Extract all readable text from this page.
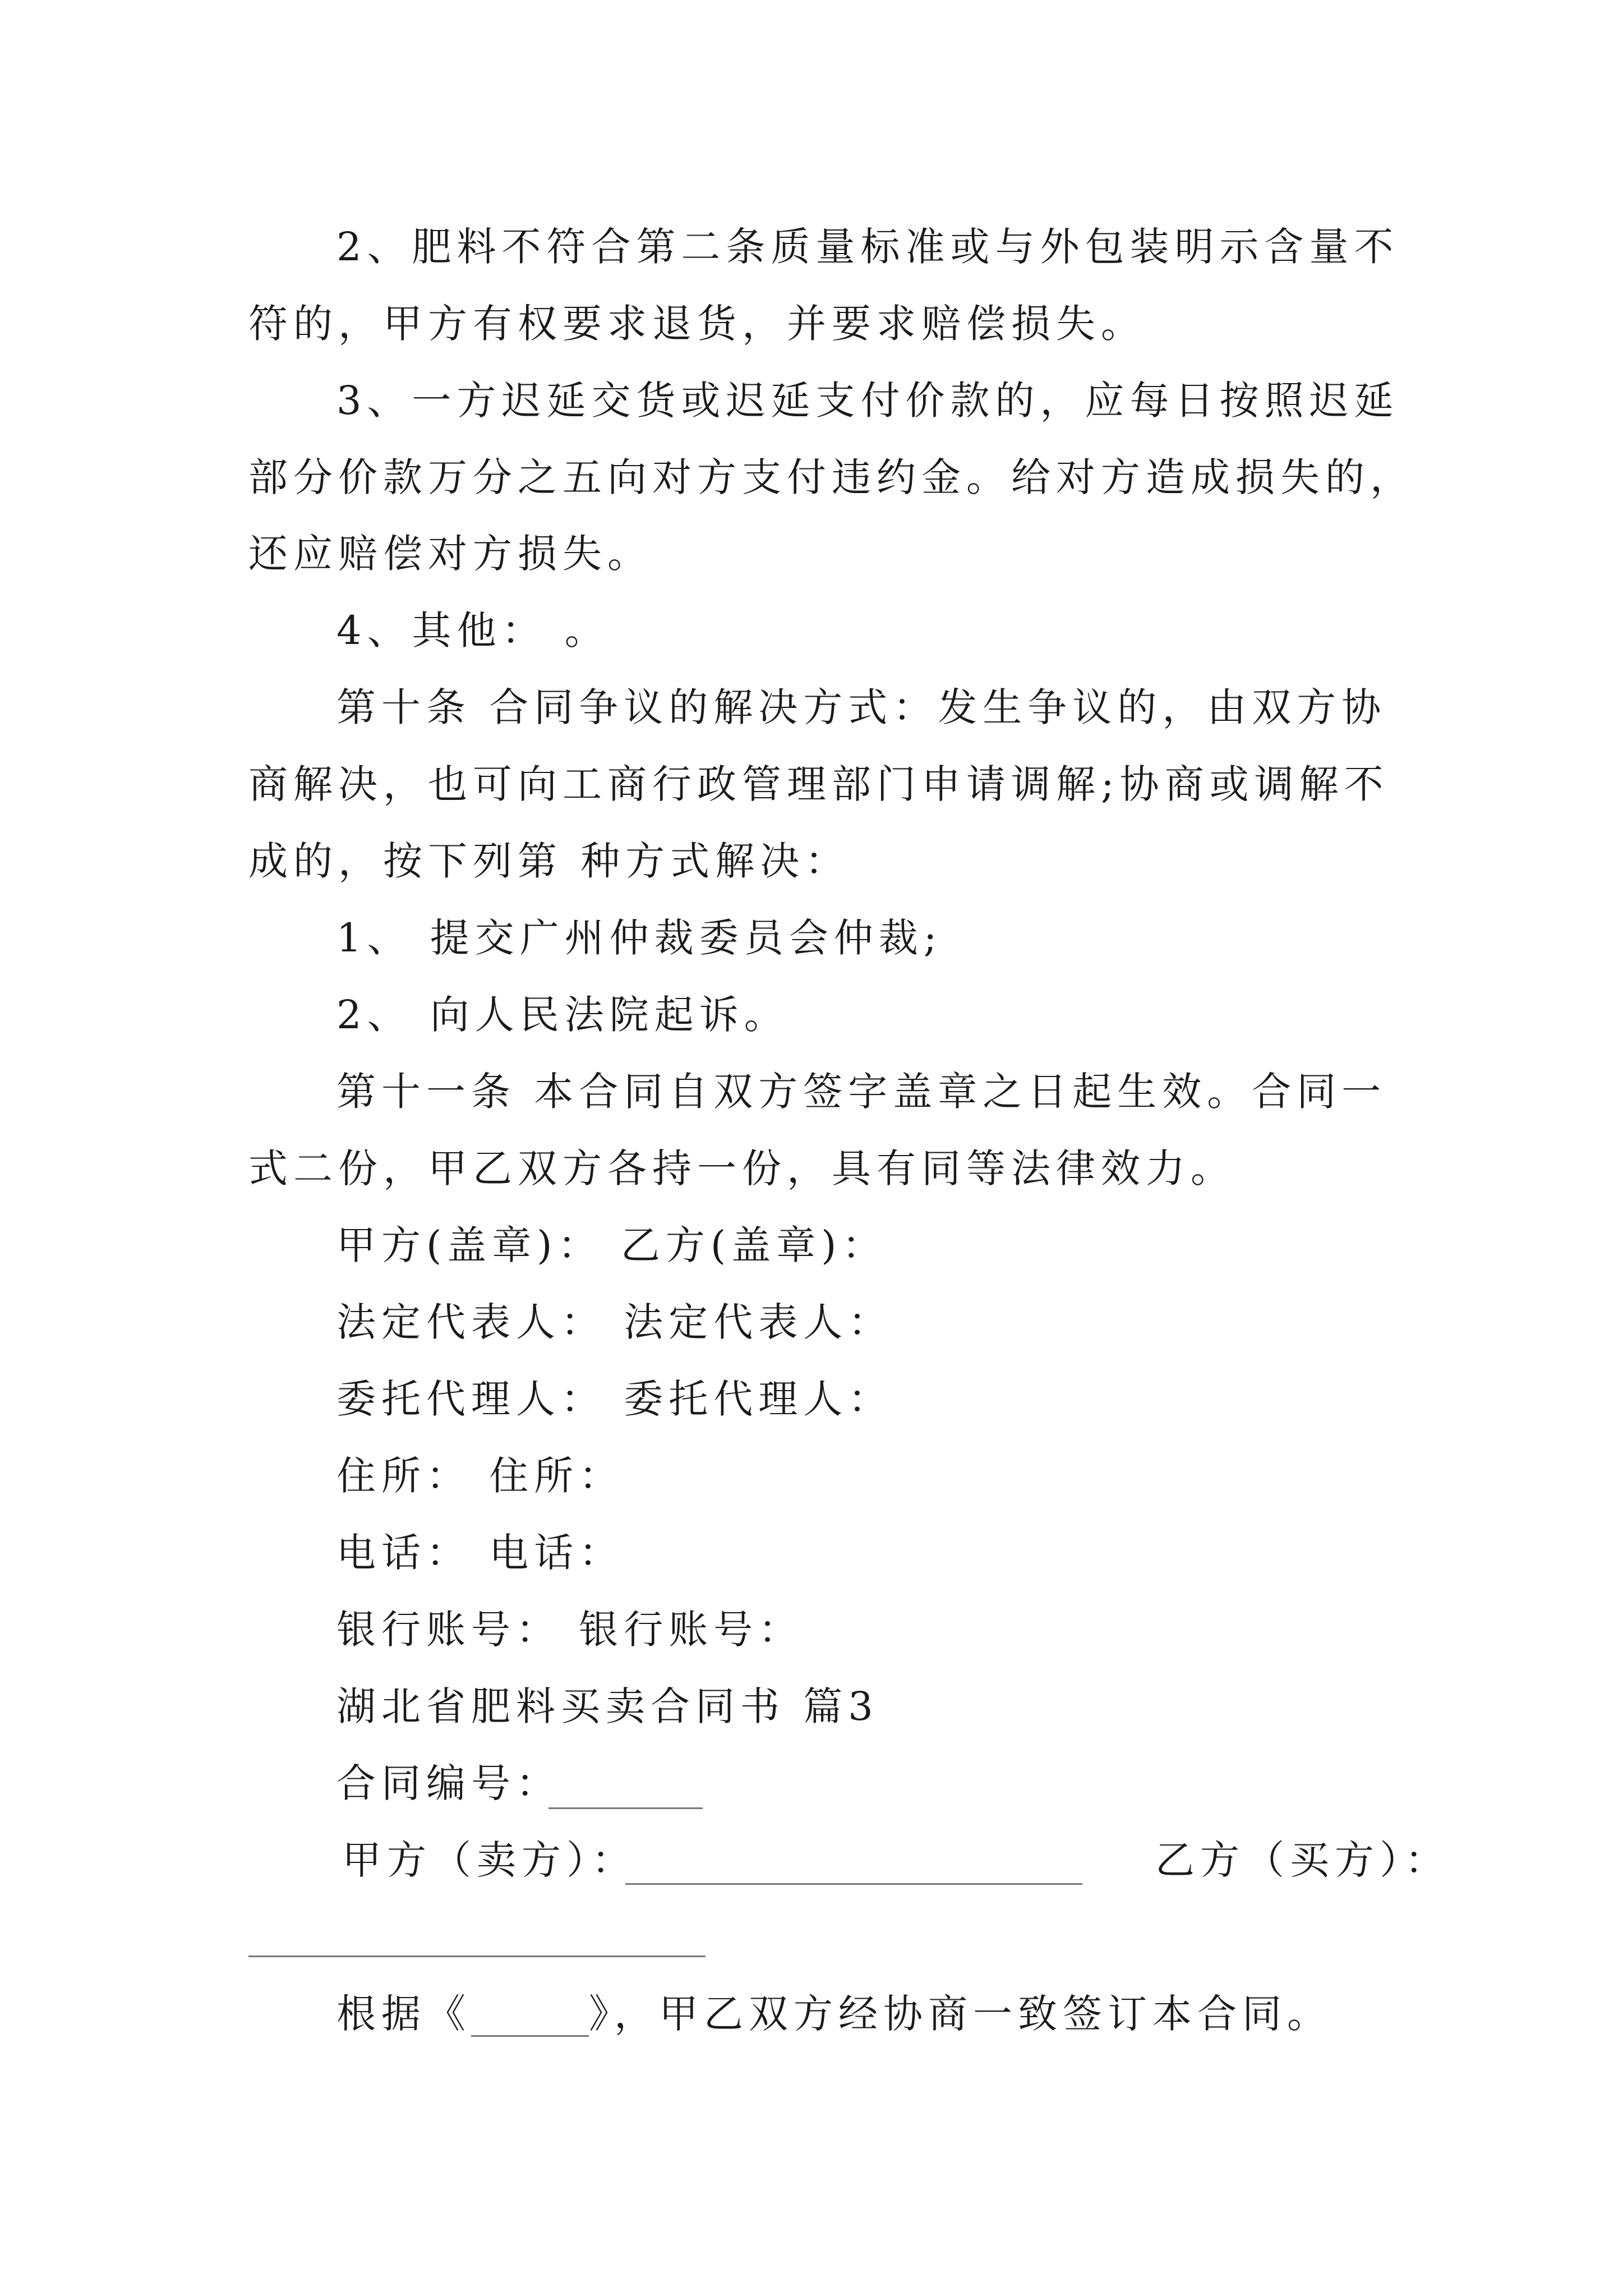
2、肥料不符合第二条质量标准或与外包装明示含量不

符的，甲方有权要求退货，并要求赔偿损失。

3、一方迟延交货或迟延支付价款的，应每日按照迟延

部分价款万分之五向对方支付违约金。给对方造成损失的，

还应赔偿对方损失。

4、其他： 。

第十条 合同争议的解决方式：发生争议的，由双方协

商解决，也可向工商行政管理部门申请调解;协商或调解不

成的，按下列第 种方式解决：

1、 提交广州仲裁委员会仲裁;

2、 向人民法院起诉。

第十一条 本合同自双方签字盖章之日起生效。合同一

式二份，甲乙双方各持一份，具有同等法律效力。

甲方(盖章)： 乙方(盖章)：

法定代表人： 法定代表人：

委托代理人： 委托代理人：

住所： 住所：

电话： 电话：

银行账号： 银行账号：

湖北省肥料买卖合同书 篇3

合同编号：

甲方（卖方）：	乙方（买方）：

根据《	》，甲乙双方经协商一致签订本合同。
